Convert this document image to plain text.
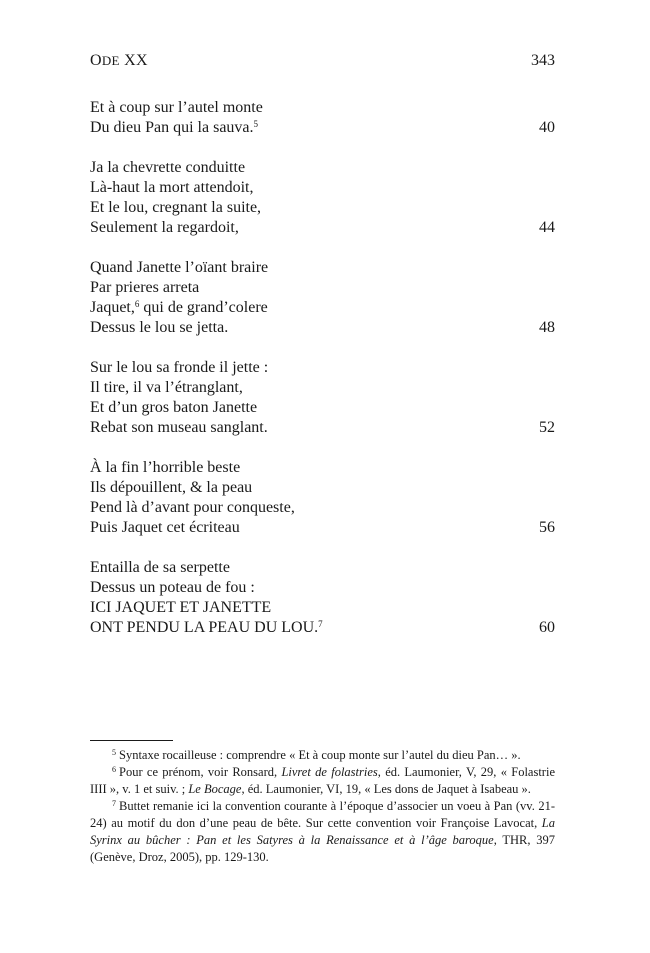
ODE XX	343
Et à coup sur l’autel monte
Du dieu Pan qui la sauva.$^5$	40
Ja la chevrette conduitte
Là-haut la mort attendoit,
Et le lou, cregnant la suite,
Seulement la regardoit,	44
Quand Janette l’oïant braire
Par prieres arreta
Jaquet,$^6$ qui de grand’colere
Dessus le lou se jetta.	48
Sur le lou sa fronde il jette :
Il tire, il va l’étranglant,
Et d’un gros baton Janette
Rebat son museau sanglant.	52
À la fin l’horrible beste
Ils dépouillent, & la peau
Pend là d’avant pour conqueste,
Puis Jaquet cet écriteau	56
Entailla de sa serpette
Dessus un poteau de fou :
ICI JAQUET ET JANETTE
ONT PENDU LA PEAU DU LOU.$^7$	60
$^5$ Syntaxe rocailleuse : comprendre « Et à coup monte sur l’autel du dieu Pan… ».
$^6$ Pour ce prénom, voir Ronsard, Livret de folastries, éd. Laumonier, V, 29, « Folastrie IIII », v. 1 et suiv. ; Le Bocage, éd. Laumonier, VI, 19, « Les dons de Jaquet à Isabeau ».
$^7$ Buttet remanie ici la convention courante à l’époque d’associer un voeu à Pan (vv. 21-24) au motif du don d’une peau de bête. Sur cette convention voir Françoise Lavocat, La Syrinx au bûcher : Pan et les Satyres à la Renaissance et à l’âge baroque, THR, 397 (Genève, Droz, 2005), pp. 129-130.
